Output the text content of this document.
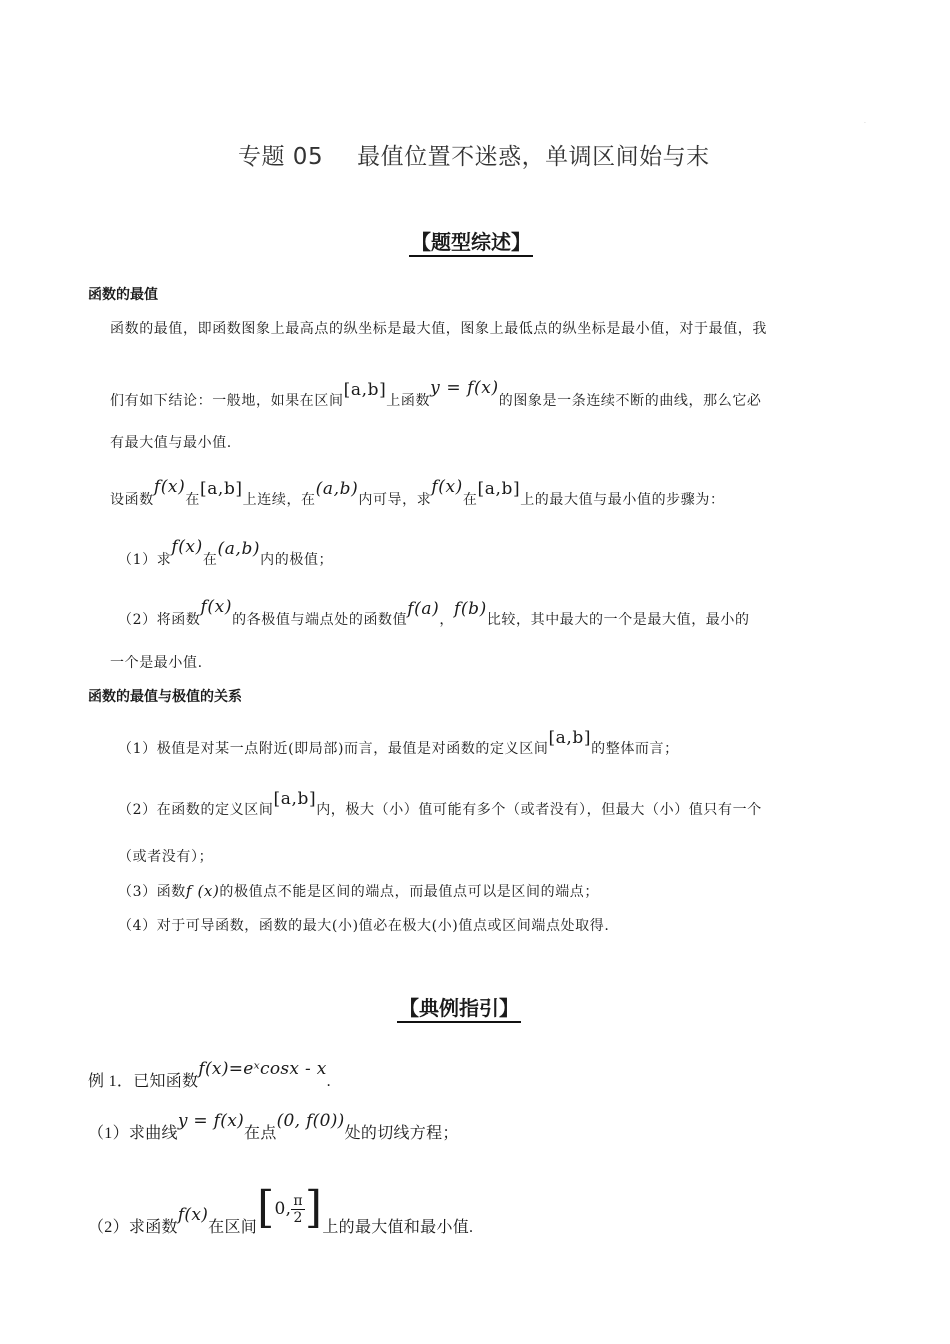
·
专题 05 最值位置不迷惑，单调区间始与末
【题型综述】
函数的最值
函数的最值，即函数图象上最高点的纵坐标是最大值，图象上最低点的纵坐标是最小值，对于最值，我
们有如下结论：一般地，如果在区间[a,b]上函数y = f(x)的图象是一条连续不断的曲线，那么它必
有最大值与最小值.
设函数f(x)在[a,b]上连续，在(a,b)内可导，求f(x)在[a,b]上的最大值与最小值的步骤为：
（1）求f(x)在(a,b)内的极值；
（2）将函数f(x)的各极值与端点处的函数值f(a)，f(b)比较，其中最大的一个是最大值，最小的
一个是最小值.
函数的最值与极值的关系
（1）极值是对某一点附近(即局部)而言，最值是对函数的定义区间[a,b]的整体而言；
（2）在函数的定义区间[a,b]内，极大（小）值可能有多个（或者没有），但最大（小）值只有一个
（或者没有）；
（3）函数f (x)的极值点不能是区间的端点，而最值点可以是区间的端点；
（4）对于可导函数，函数的最大(小)值必在极大(小)值点或区间端点处取得.
【典例指引】
例 1．已知函数f(x)=eˣcosx - x.
（1）求曲线y = f(x)在点(0, f(0))处的切线方程；
（2）求函数f(x)在区间[0, $\frac{\pi}{2}$ ]上的最大值和最小值.
